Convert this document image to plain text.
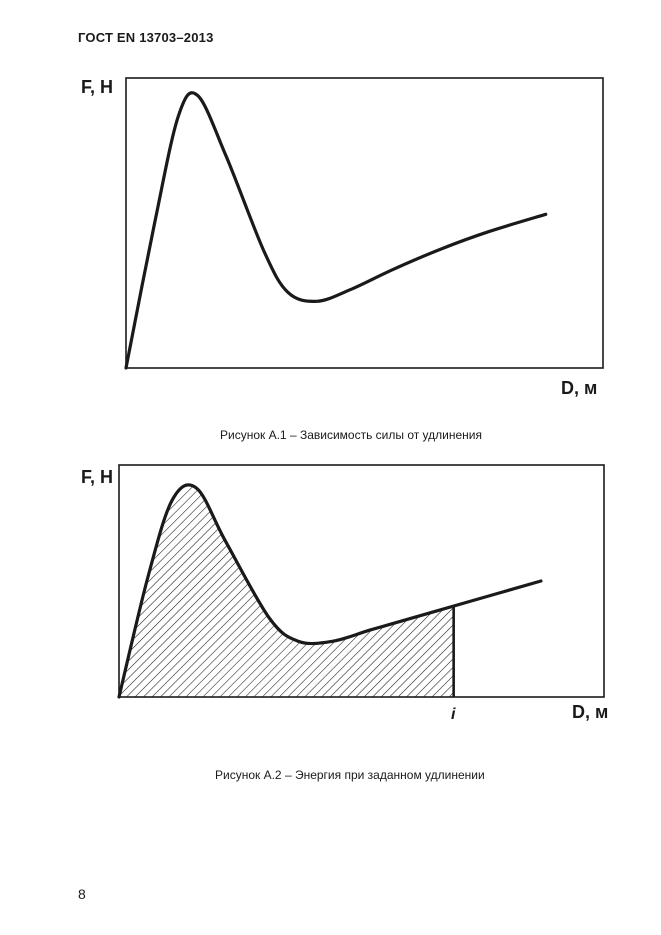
ГОСТ EN 13703–2013
F, H
D, м
Рисунок А.1 – Зависимость силы от удлинения
F, H
D, м
i
Рисунок А.2 – Энергия при заданном удлинении
8
